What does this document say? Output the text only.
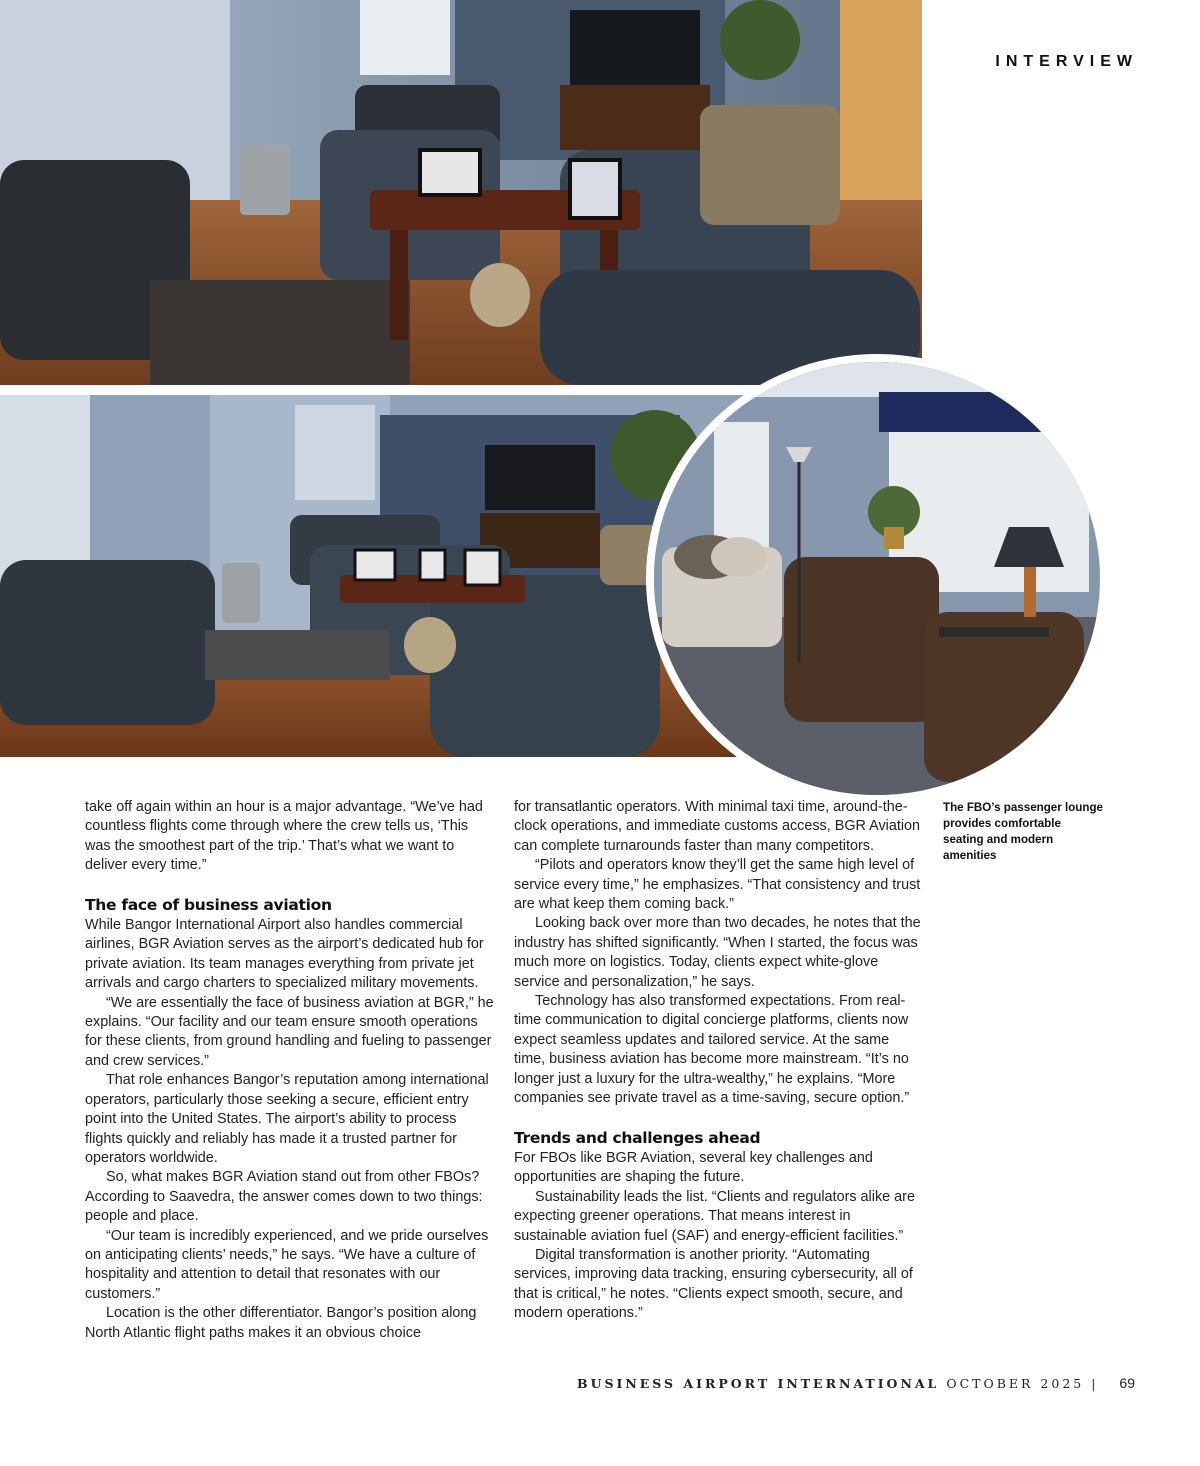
INTERVIEW

take off again within an hour is a major advantage. “We’ve had countless flights come through where the crew tells us, ‘This was the smoothest part of the trip.’ That’s what we want to deliver every time.”

The face of business aviation

While Bangor International Airport also handles commercial airlines, BGR Aviation serves as the airport’s dedicated hub for private aviation. Its team manages everything from private jet arrivals and cargo charters to specialized military movements.

“We are essentially the face of business aviation at BGR,” he explains. “Our facility and our team ensure smooth operations for these clients, from ground handling and fueling to passenger and crew services.”

That role enhances Bangor’s reputation among international operators, particularly those seeking a secure, efficient entry point into the United States. The airport’s ability to process flights quickly and reliably has made it a trusted partner for operators worldwide.

So, what makes BGR Aviation stand out from other FBOs? According to Saavedra, the answer comes down to two things: people and place.

“Our team is incredibly experienced, and we pride ourselves on anticipating clients’ needs,” he says. “We have a culture of hospitality and attention to detail that resonates with our customers.”

Location is the other differentiator. Bangor’s position along North Atlantic flight paths makes it an obvious choice

for transatlantic operators. With minimal taxi time, around-the-clock operations, and immediate customs access, BGR Aviation can complete turnarounds faster than many competitors.

“Pilots and operators know they’ll get the same high level of service every time,” he emphasizes. “That consistency and trust are what keep them coming back.”

Looking back over more than two decades, he notes that the industry has shifted significantly. “When I started, the focus was much more on logistics. Today, clients expect white-glove service and personalization,” he says.

Technology has also transformed expectations. From real-time communication to digital concierge platforms, clients now expect seamless updates and tailored service. At the same time, business aviation has become more mainstream. “It’s no longer just a luxury for the ultra-wealthy,” he explains. “More companies see private travel as a time-saving, secure option.”

Trends and challenges ahead

For FBOs like BGR Aviation, several key challenges and opportunities are shaping the future.

Sustainability leads the list. “Clients and regulators alike are expecting greener operations. That means interest in sustainable aviation fuel (SAF) and energy-efficient facilities.”

Digital transformation is another priority. “Automating services, improving data tracking, ensuring cybersecurity, all of that is critical,” he notes. “Clients expect smooth, secure, and modern operations.”

The FBO’s passenger lounge provides comfortable seating and modern amenities
BUSINESS AIRPORT INTERNATIONAL OCTOBER 2025 | 69
